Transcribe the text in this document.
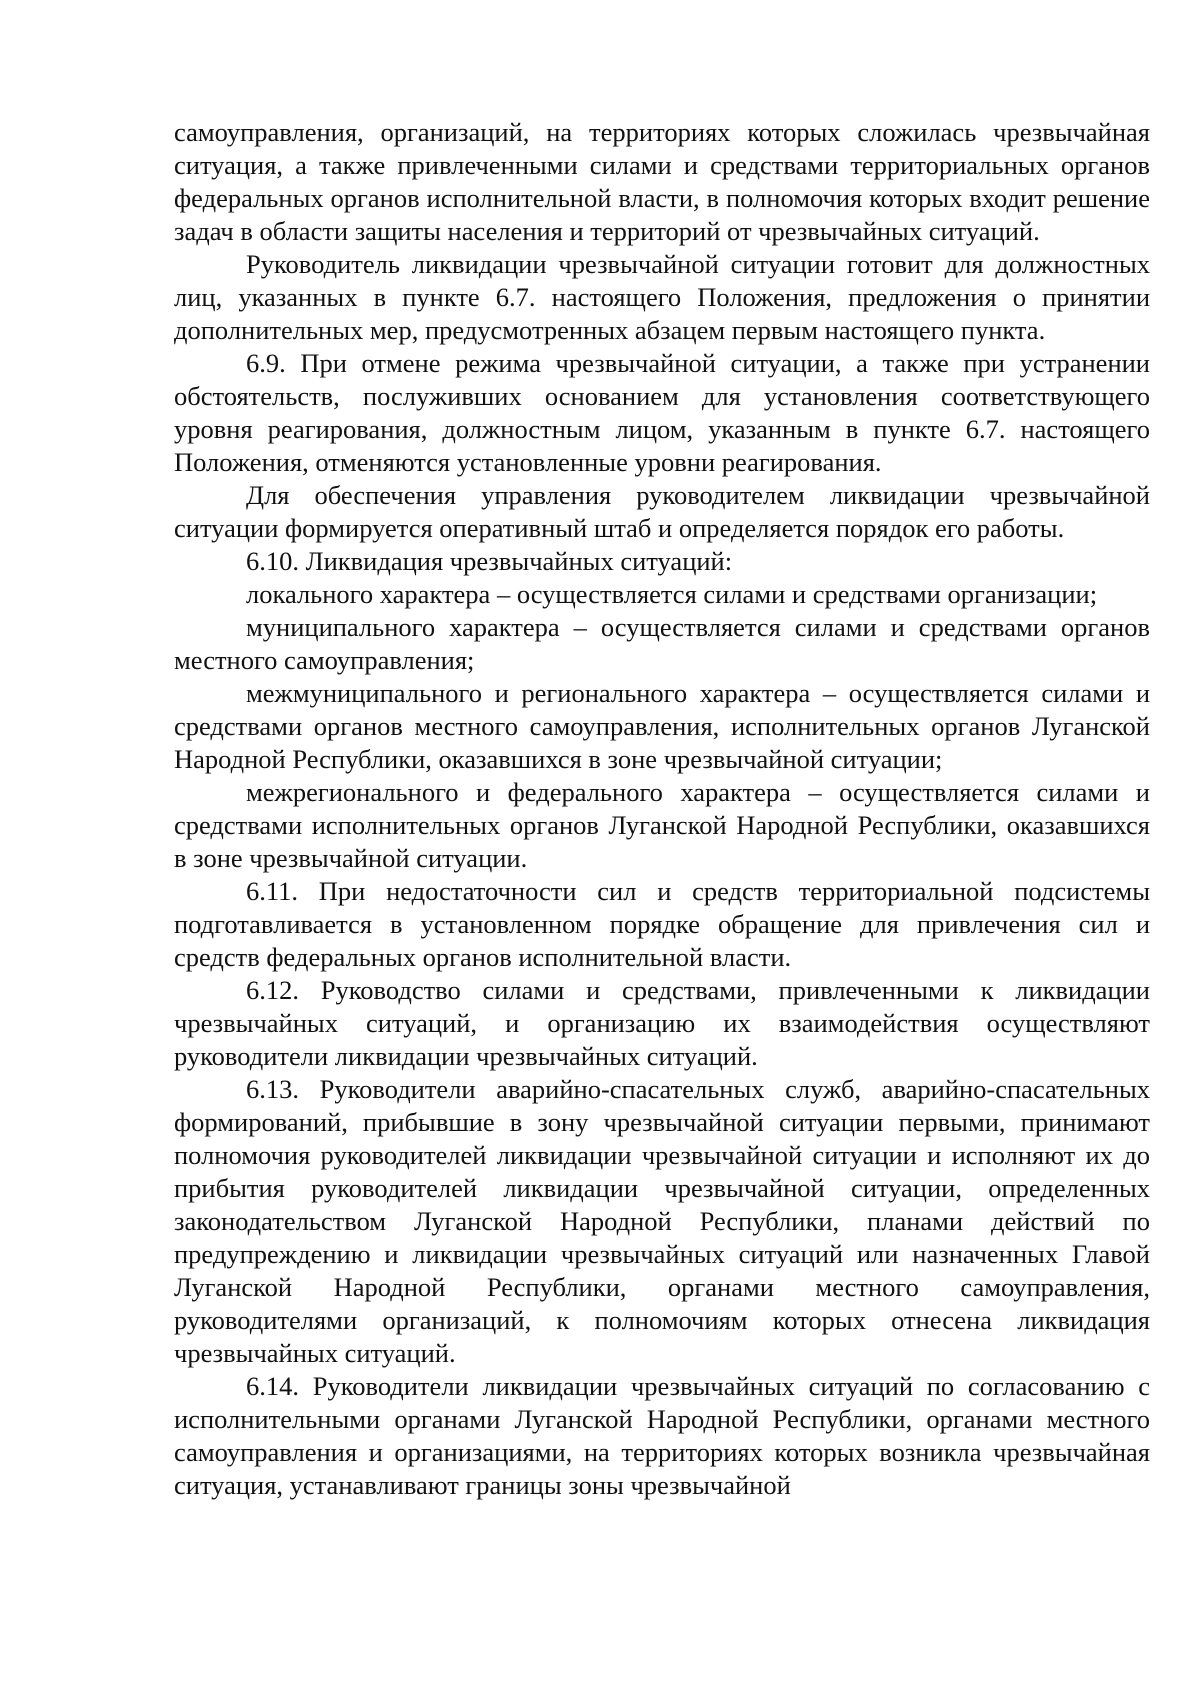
самоуправления, организаций, на территориях которых сложилась чрезвычайная ситуация, а также привлеченными силами и средствами территориальных органов федеральных органов исполнительной власти, в полномочия которых входит решение задач в области защиты населения и территорий от чрезвычайных ситуаций.

Руководитель ликвидации чрезвычайной ситуации готовит для должностных лиц, указанных в пункте 6.7. настоящего Положения, предложения о принятии дополнительных мер, предусмотренных абзацем первым настоящего пункта.

6.9. При отмене режима чрезвычайной ситуации, а также при устранении обстоятельств, послуживших основанием для установления соответствующего уровня реагирования, должностным лицом, указанным в пункте 6.7. настоящего Положения, отменяются установленные уровни реагирования.

Для обеспечения управления руководителем ликвидации чрезвычайной ситуации формируется оперативный штаб и определяется порядок его работы.

6.10. Ликвидация чрезвычайных ситуаций:

локального характера – осуществляется силами и средствами организации;

муниципального характера – осуществляется силами и средствами органов местного самоуправления;

межмуниципального и регионального характера – осуществляется силами и средствами органов местного самоуправления, исполнительных органов Луганской Народной Республики, оказавшихся в зоне чрезвычайной ситуации;

межрегионального и федерального характера – осуществляется силами и средствами исполнительных органов Луганской Народной Республики, оказавшихся в зоне чрезвычайной ситуации.

6.11. При недостаточности сил и средств территориальной подсистемы подготавливается в установленном порядке обращение для привлечения сил и средств федеральных органов исполнительной власти.

6.12. Руководство силами и средствами, привлеченными к ликвидации чрезвычайных ситуаций, и организацию их взаимодействия осуществляют руководители ликвидации чрезвычайных ситуаций.

6.13. Руководители аварийно-спасательных служб, аварийно-спасательных формирований, прибывшие в зону чрезвычайной ситуации первыми, принимают полномочия руководителей ликвидации чрезвычайной ситуации и исполняют их до прибытия руководителей ликвидации чрезвычайной ситуации, определенных законодательством Луганской Народной Республики, планами действий по предупреждению и ликвидации чрезвычайных ситуаций или назначенных Главой Луганской Народной Республики, органами местного самоуправления, руководителями организаций, к полномочиям которых отнесена ликвидация чрезвычайных ситуаций.

6.14. Руководители ликвидации чрезвычайных ситуаций по согласованию с исполнительными органами Луганской Народной Республики, органами местного самоуправления и организациями, на территориях которых возникла чрезвычайная ситуация, устанавливают границы зоны чрезвычайной
